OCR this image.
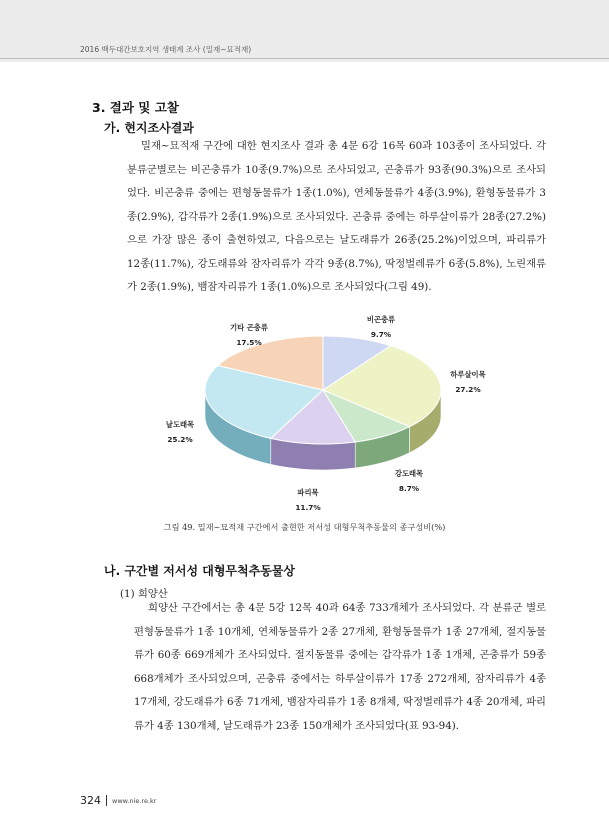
2016 백두대간보호지역 생태계 조사 (밀재~묘적재)
3. 결과 및 고찰
가. 현지조사결과
밀재~묘적재 구간에 대한 현지조사 결과 총 4문 6강 16목 60과 103종이 조사되었다. 각 분류군별로는 비곤충류가 10종(9.7%)으로 조사되었고, 곤충류가 93종(90.3%)으로 조사되었다. 비곤충류 중에는 편형동물류가 1종(1.0%), 연체동물류가 4종(3.9%), 환형동물류가 3종(2.9%), 갑각류가 2종(1.9%)으로 조사되었다. 곤충류 중에는 하루살이류가 28종(27.2%)으로 가장 많은 종이 출현하였고, 다음으로는 날도래류가 26종(25.2%)이었으며, 파리류가 12종(11.7%), 강도래류와 잠자리류가 각각 9종(8.7%), 딱정벌레류가 6종(5.8%), 노린재류가 2종(1.9%), 뱀잠자리류가 1종(1.0%)으로 조사되었다(그림 49).
비곤충류
9.7%
하루살이목
27.2%
강도래목
8.7%
파리목
11.7%
날도래목
25.2%
기타 곤충류
17.5%
그림 49. 밀재~묘적재 구간에서 출현한 저서성 대형무척추동물의 종구성비(%)
나. 구간별 저서성 대형무척추동물상
(1) 희양산
희양산 구간에서는 총 4문 5강 12목 40과 64종 733개체가 조사되었다. 각 분류군 별로 편형동물류가 1종 10개체, 연체동물류가 2종 27개체, 환형동물류가 1종 27개체, 절지동물류가 60종 669개체가 조사되었다. 절지동물류 중에는 갑각류가 1종 1개체, 곤충류가 59종 668개체가 조사되었으며, 곤충류 중에서는 하루살이류가 17종 272개체, 잠자리류가 4종 17개체, 강도래류가 6종 71개체, 뱀잠자리류가 1종 8개체, 딱정벌레류가 4종 20개체, 파리류가 4종 130개체, 날도래류가 23종 150개체가 조사되었다(표 93-94).
324 www.nie.re.kr
